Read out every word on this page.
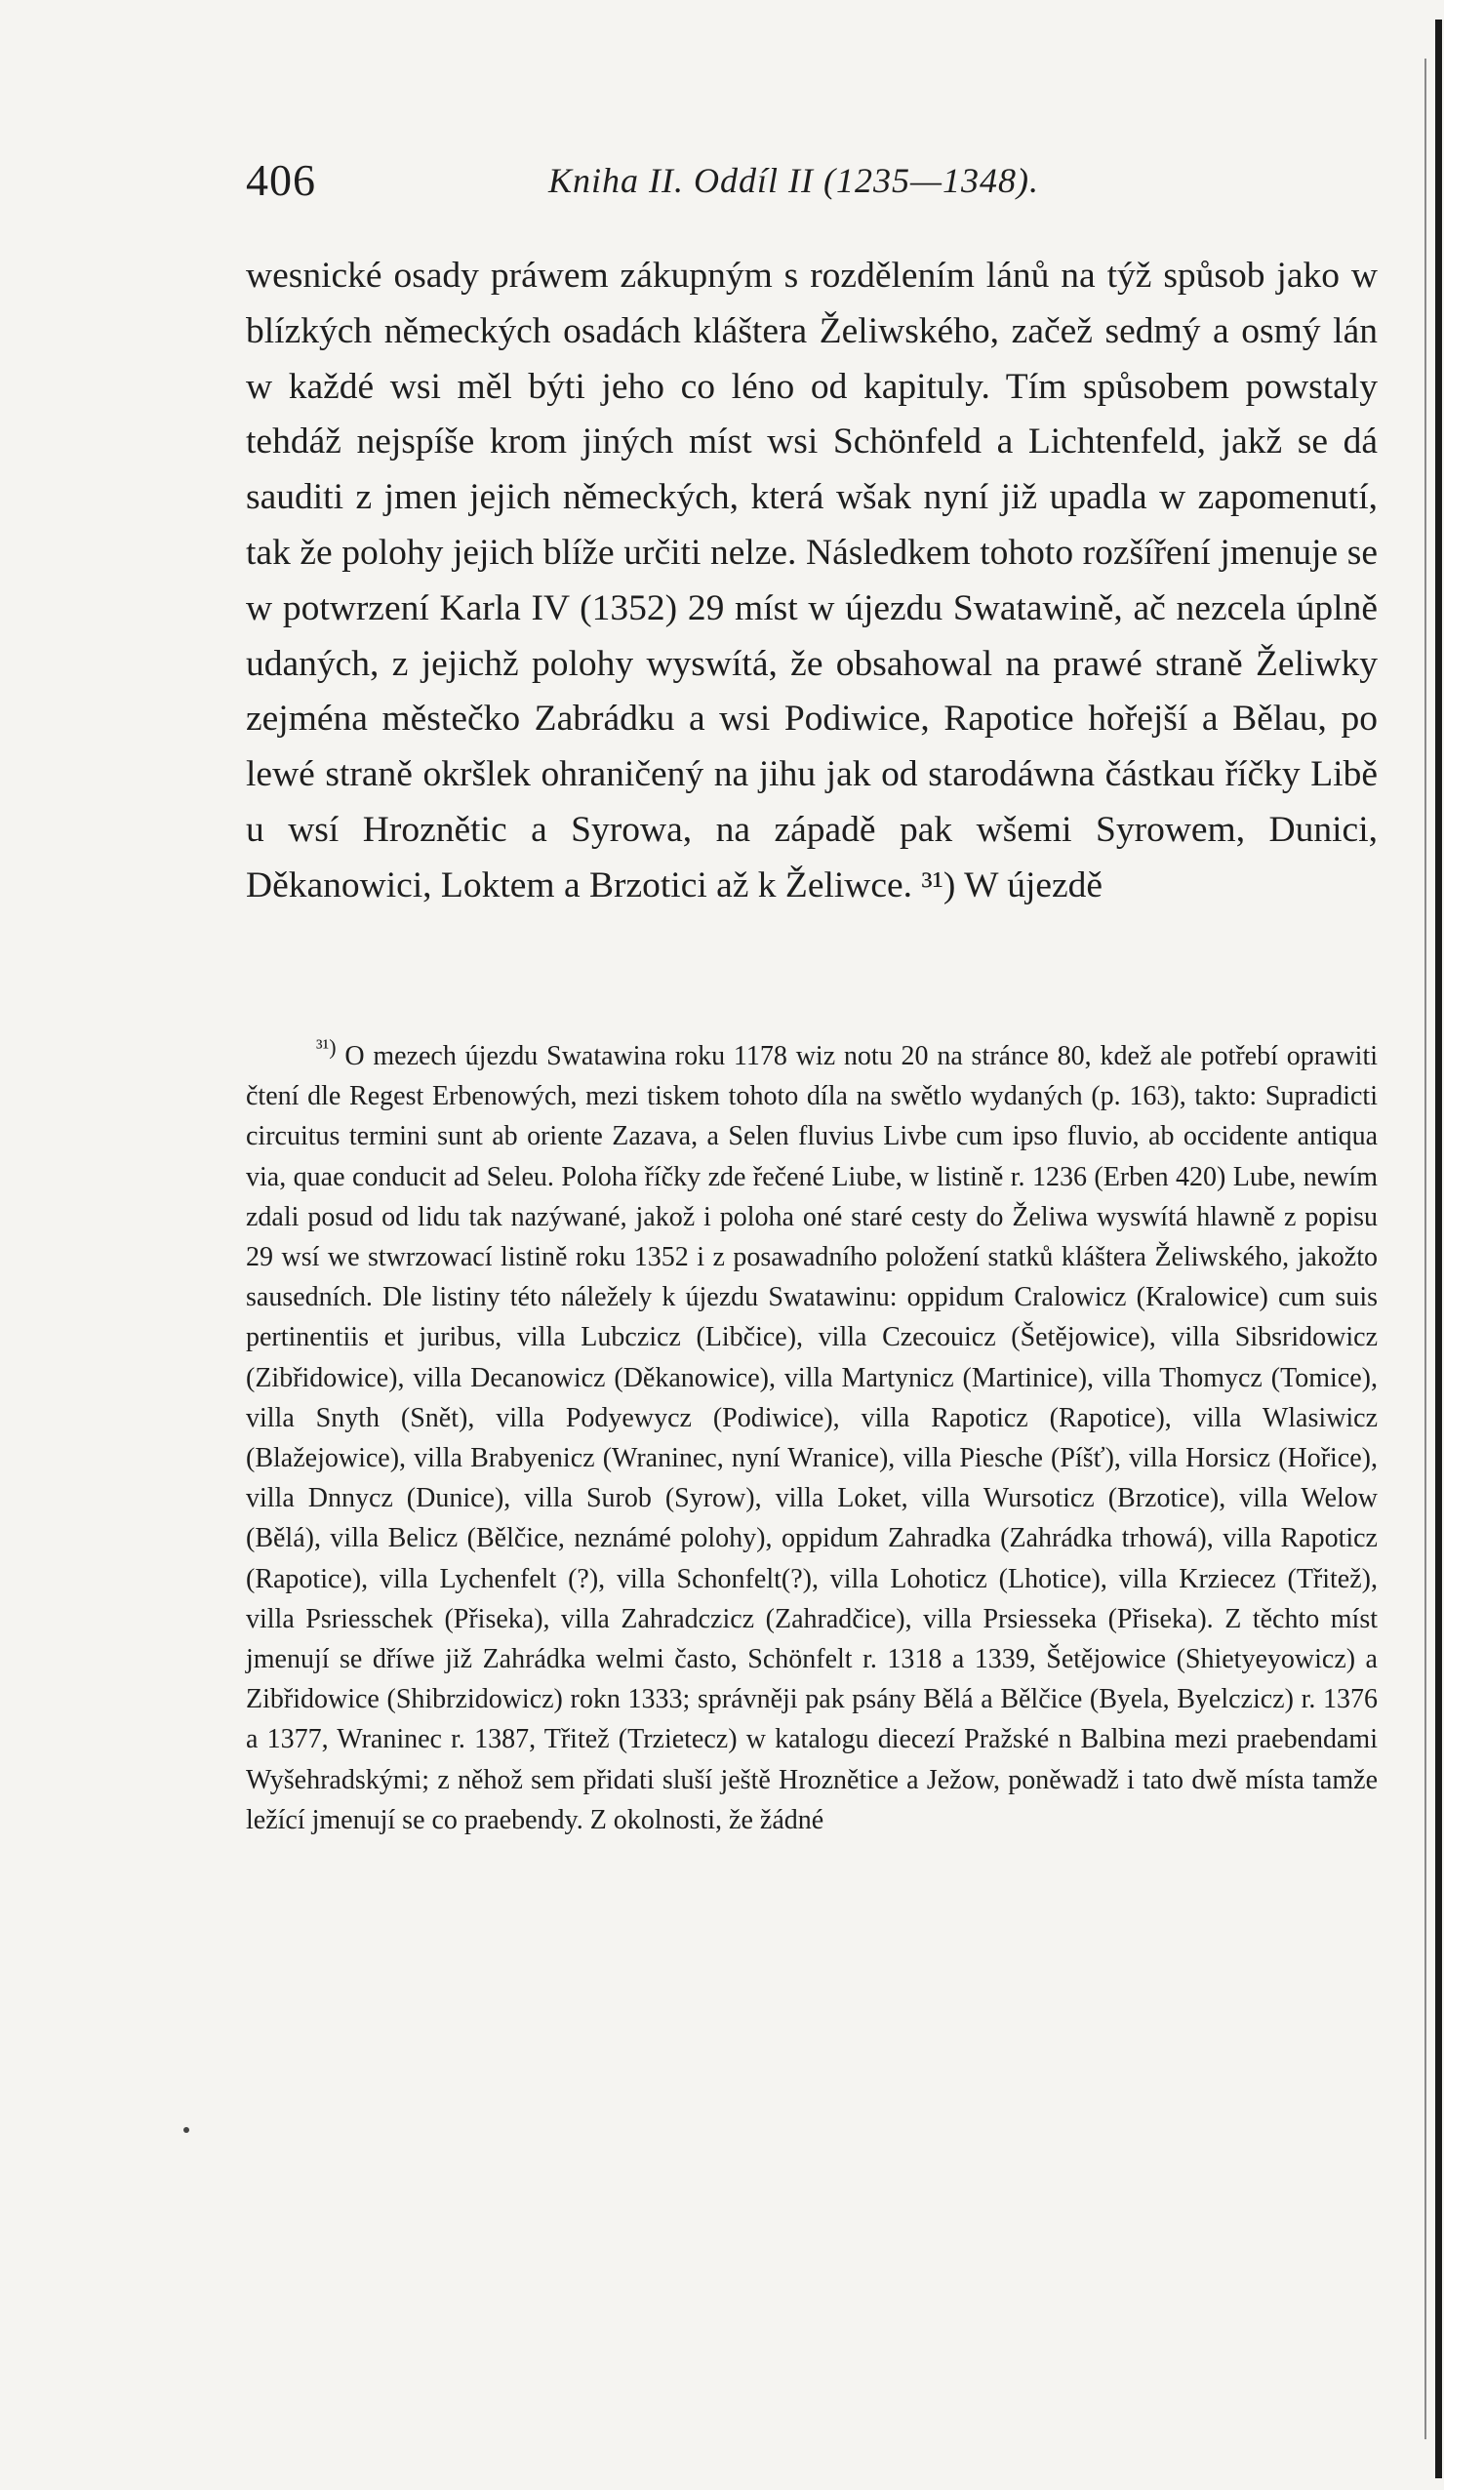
406	Kniha II. Oddíl II (1235—1348).

wesnické osady práwem zákupným s rozdělením lánů na týž spůsob jako w blízkých německých osadách kláštera Želiwského, začež sedmý a osmý lán w každé wsi měl býti jeho co léno od kapituly. Tím spůsobem powstaly tehdáž nejspíše krom jiných míst wsi Schönfeld a Lichtenfeld, jakž se dá sauditi z jmen jejich německých, která wšak nyní již upadla w zapomenutí, tak že polohy jejich blíže určiti nelze. Následkem tohoto rozšíření jmenuje se w potwrzení Karla IV (1352) 29 míst w újezdu Swatawině, ač nezcela úplně udaných, z jejichž polohy wyswítá, že obsahowal na prawé straně Želiwky zejména městečko Zabrádku a wsi Podiwice, Rapotice hořejší a Bělau, po lewé straně okršlek ohraničený na jihu jak od starodáwna částkau říčky Libě u wsí Hroznětic a Syrowa, na západě pak wšemi Syrowem, Dunici, Děkanowici, Loktem a Brzotici až k Želiwce. ³¹) W újezdě

$^{^{31})}$ O mezech újezdu Swatawina roku 1178 wiz notu 20 na stránce 80, kdež ale potřebí oprawiti čtení dle Regest Erbenowých, mezi tiskem tohoto díla na swětlo wydaných (p. 163), takto: Supradicti circuitus termini sunt ab oriente Zazava, a Selen fluvius Livbe cum ipso fluvio, ab occidente antiqua via, quae conducit ad Seleu. Poloha říčky zde řečené Liube, w listině r. 1236 (Erben 420) Lube, newím zdali posud od lidu tak nazýwané, jakož i poloha oné staré cesty do Želiwa wyswítá hlawně z popisu 29 wsí we stwrzowací listině roku 1352 i z posawadního položení statků kláštera Želiwského, jakožto sausedních. Dle listiny této náležely k újezdu Swatawinu: oppidum Cralowicz (Kralowice) cum suis pertinentiis et juribus, villa Lubczicz (Libčice), villa Czecouicz (Šetějowice), villa Sibsridowicz (Zibřidowice), villa Decanowicz (Děkanowice), villa Martynicz (Martinice), villa Thomycz (Tomice), villa Snyth (Snět), villa Podyewycz (Podiwice), villa Rapoticz (Rapotice), villa Wlasiwicz (Blažejowice), villa Brabyenicz (Wraninec, nyní Wranice), villa Piesche (Píšť), villa Horsicz (Hořice), villa Dnnycz (Dunice), villa Surob (Syrow), villa Loket, villa Wursoticz (Brzotice), villa Welow (Bělá), villa Belicz (Bělčice, neznámé polohy), oppidum Zahradka (Zahrádka trhowá), villa Rapoticz (Rapotice), villa Lychenfelt (?), villa Schonfelt(?), villa Lohoticz (Lhotice), villa Krziecez (Třitež), villa Psriesschek (Přiseka), villa Zahradczicz (Zahradčice), villa Prsiesseka (Přiseka). Z těchto míst jmenují se dříwe již Zahrádka welmi často, Schönfelt r. 1318 a 1339, Šetějowice (Shietyeyowicz) a Zibřidowice (Shibrzidowicz) rokn 1333; správněji pak psány Bělá a Bělčice (Byela, Byelczicz) r. 1376 a 1377, Wraninec r. 1387, Třitež (Trzietecz) w katalogu diecezí Pražské n Balbina mezi praebendami Wyšehradskými; z něhož sem přidati sluší ještě Hroznětice a Ježow, poněwadž i tato dwě místa tamže ležící jmenují se co praebendy. Z okolnosti, že žádné
